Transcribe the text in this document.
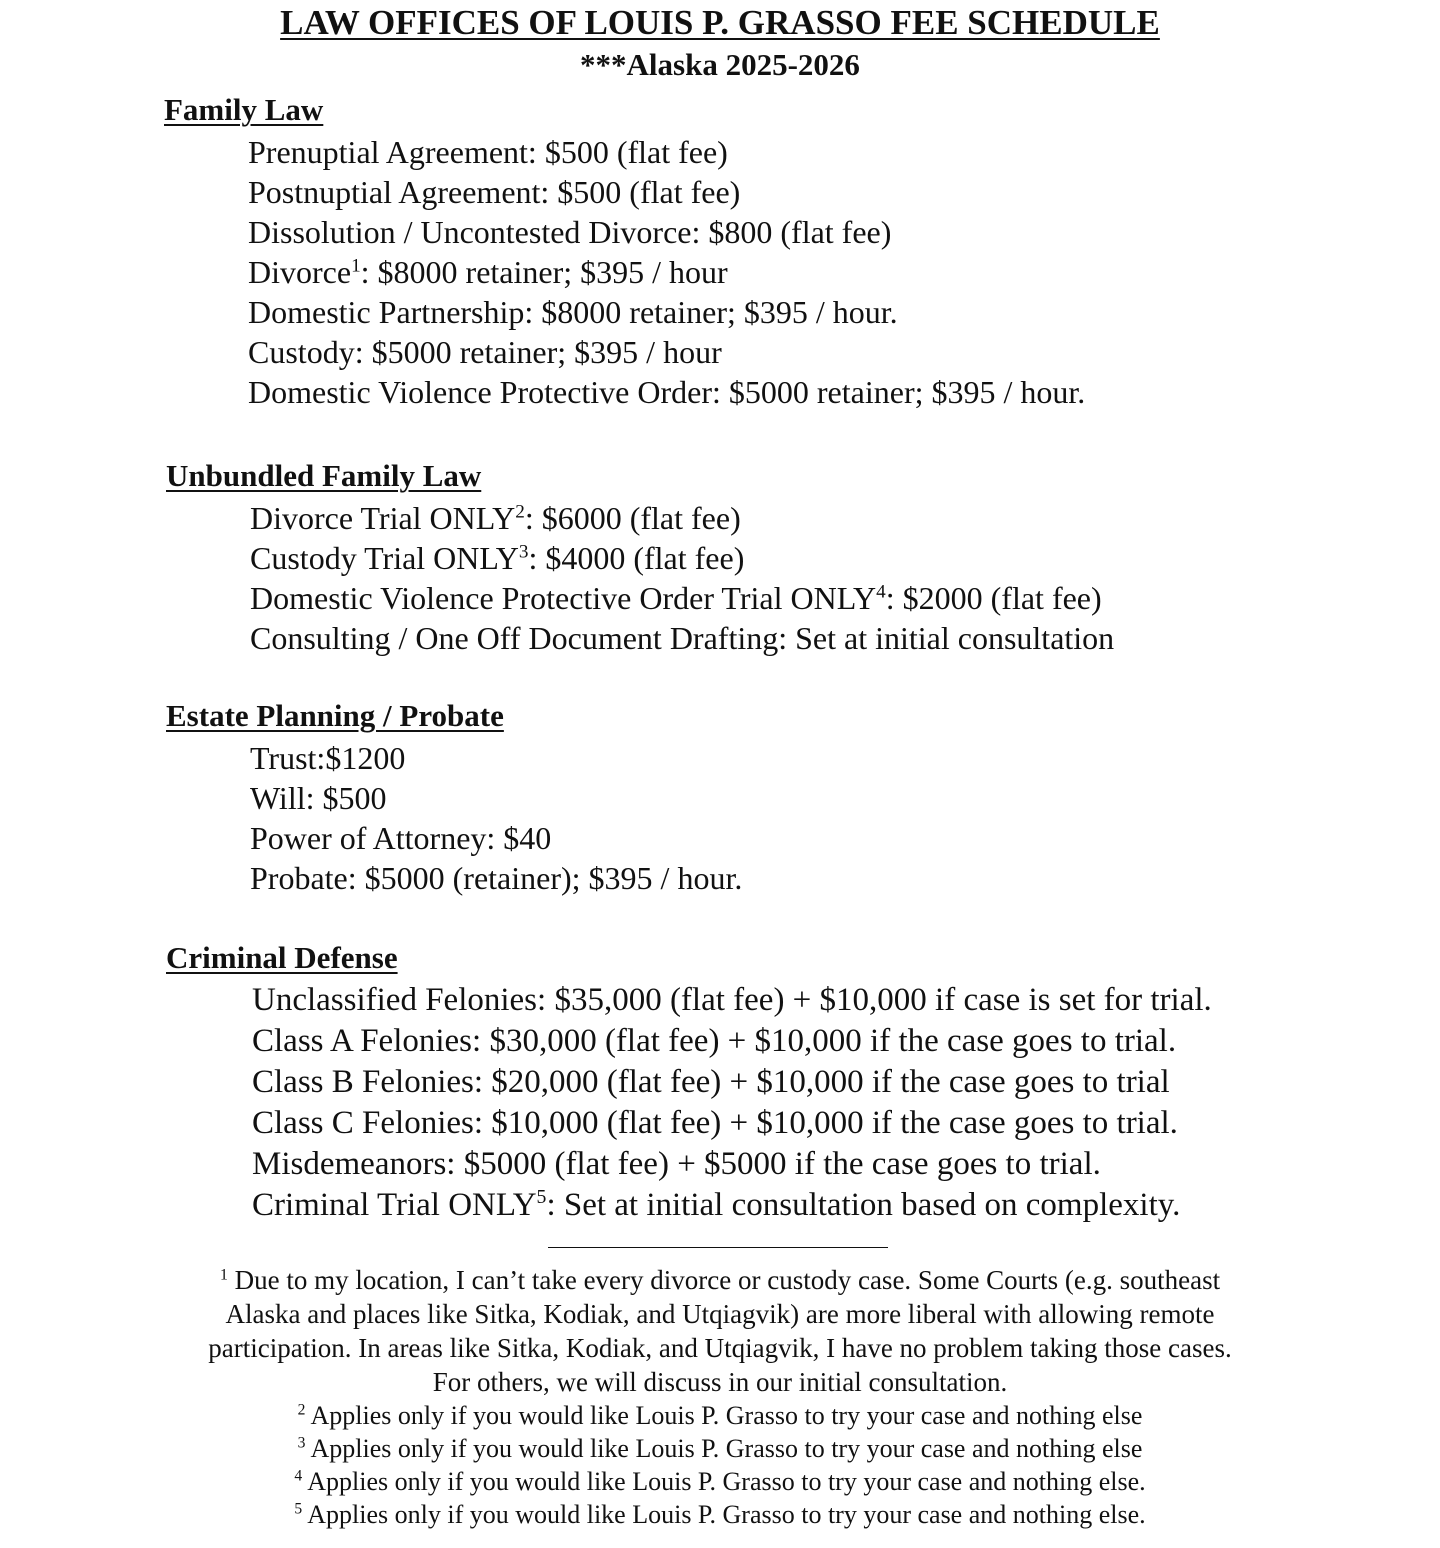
LAW OFFICES OF LOUIS P. GRASSO FEE SCHEDULE
***Alaska 2025-2026
Family Law
Prenuptial Agreement: $500 (flat fee)
Postnuptial Agreement: $500 (flat fee)
Dissolution / Uncontested Divorce: $800 (flat fee)
Divorce$^1$: $8000 retainer; $395 / hour
Domestic Partnership: $8000 retainer; $395 / hour.
Custody: $5000 retainer; $395 / hour
Domestic Violence Protective Order: $5000 retainer; $395 / hour.
Unbundled Family Law
Divorce Trial ONLY$^2$: $6000 (flat fee)
Custody Trial ONLY$^3$: $4000 (flat fee)
Domestic Violence Protective Order Trial ONLY$^4$: $2000 (flat fee)
Consulting / One Off Document Drafting: Set at initial consultation
Estate Planning / Probate
Trust:$1200
Will: $500
Power of Attorney: $40
Probate: $5000 (retainer); $395 / hour.
Criminal Defense
Unclassified Felonies: $35,000 (flat fee) + $10,000 if case is set for trial.
Class A Felonies: $30,000 (flat fee) + $10,000 if the case goes to trial.
Class B Felonies: $20,000 (flat fee) + $10,000 if the case goes to trial
Class C Felonies: $10,000 (flat fee) + $10,000 if the case goes to trial.
Misdemeanors: $5000 (flat fee) + $5000 if the case goes to trial.
Criminal Trial ONLY$^5$: Set at initial consultation based on complexity.
$^1$ Due to my location, I can’t take every divorce or custody case. Some Courts (e.g. southeast
Alaska and places like Sitka, Kodiak, and Utqiagvik) are more liberal with allowing remote
participation. In areas like Sitka, Kodiak, and Utqiagvik, I have no problem taking those cases.
For others, we will discuss in our initial consultation.
$^2$ Applies only if you would like Louis P. Grasso to try your case and nothing else
$^3$ Applies only if you would like Louis P. Grasso to try your case and nothing else
$^4$ Applies only if you would like Louis P. Grasso to try your case and nothing else.
$^5$ Applies only if you would like Louis P. Grasso to try your case and nothing else.
